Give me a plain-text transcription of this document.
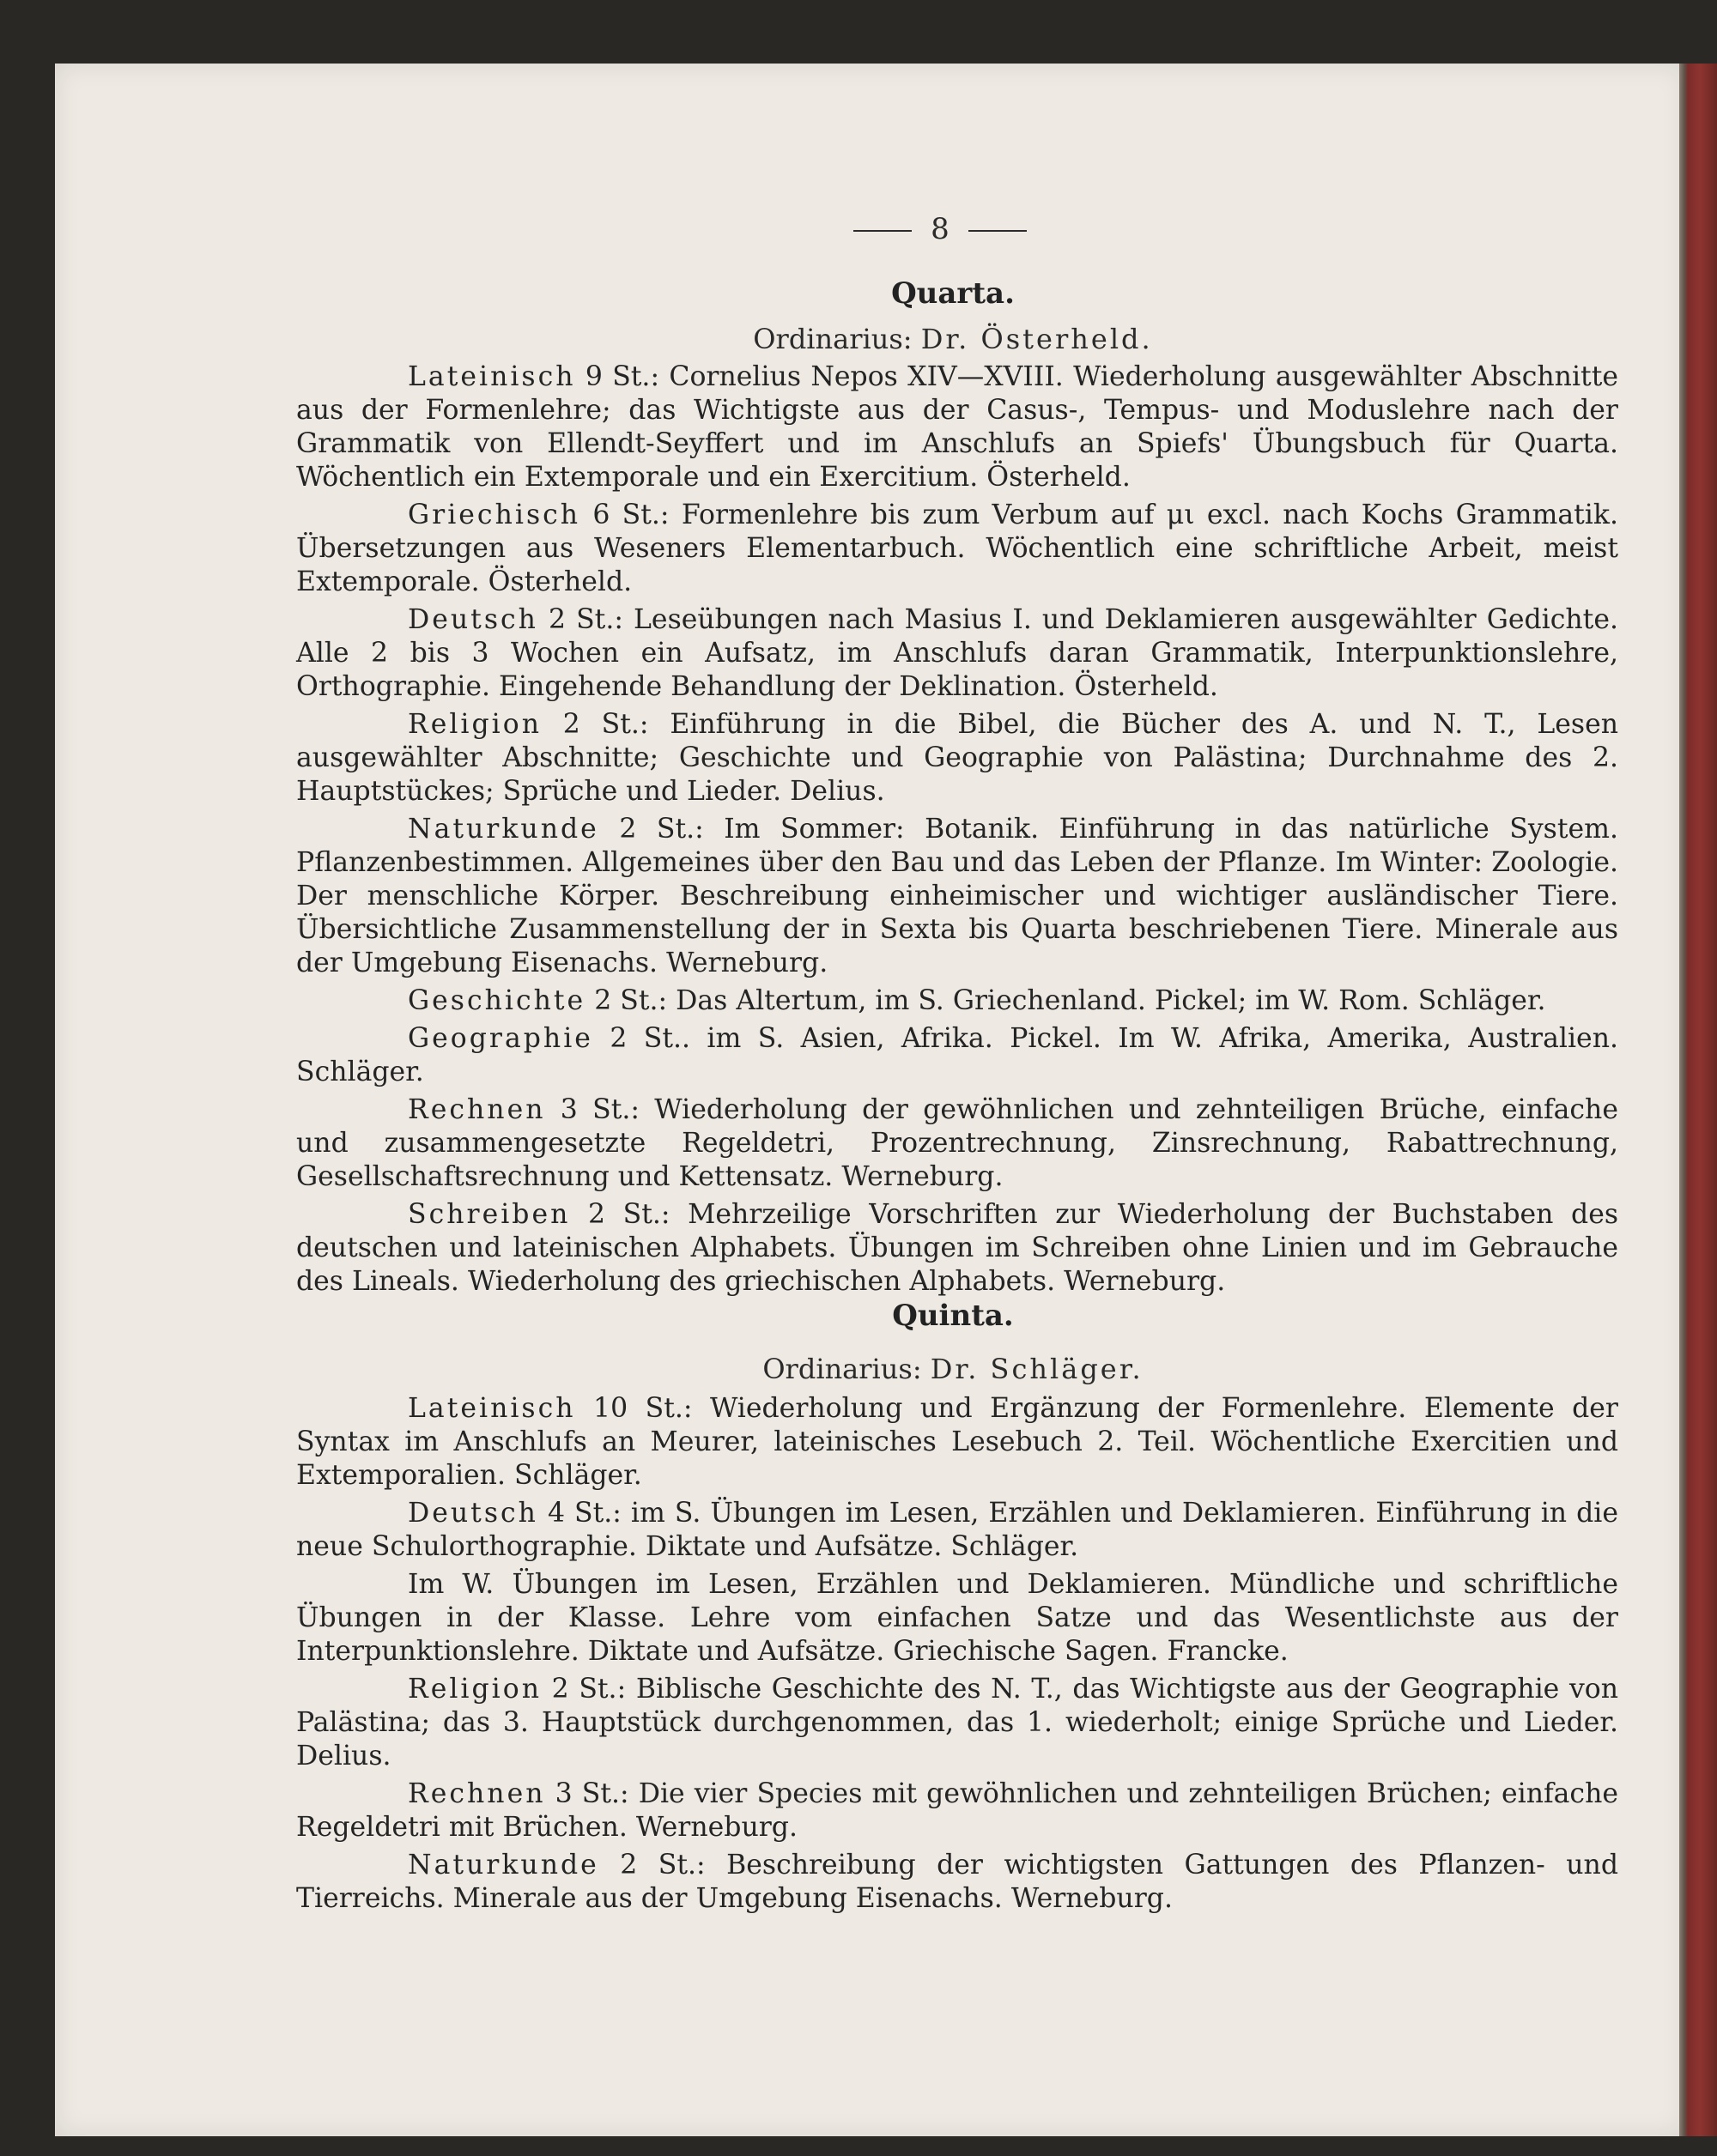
8
Quarta.
Ordinarius: Dr. Österheld.

Lateinisch 9 St.: Cornelius Nepos XIV—XVIII. Wiederholung ausgewählter Abschnitte aus der Formenlehre; das Wichtigste aus der Casus-, Tempus- und Moduslehre nach der Grammatik von Ellendt-Seyffert und im Anschlufs an Spiefs' Übungsbuch für Quarta. Wöchentlich ein Extemporale und ein Exercitium. Österheld.

Griechisch 6 St.: Formenlehre bis zum Verbum auf μι excl. nach Kochs Grammatik. Übersetzungen aus Weseners Elementarbuch. Wöchentlich eine schriftliche Arbeit, meist Extemporale. Österheld.

Deutsch 2 St.: Leseübungen nach Masius I. und Deklamieren ausgewählter Gedichte. Alle 2 bis 3 Wochen ein Aufsatz, im Anschlufs daran Grammatik, Interpunktionslehre, Orthographie. Eingehende Behandlung der Deklination. Österheld.

Religion 2 St.: Einführung in die Bibel, die Bücher des A. und N. T., Lesen ausgewählter Abschnitte; Geschichte und Geographie von Palästina; Durchnahme des 2. Hauptstückes; Sprüche und Lieder. Delius.

Naturkunde 2 St.: Im Sommer: Botanik. Einführung in das natürliche System. Pflanzenbestimmen. Allgemeines über den Bau und das Leben der Pflanze. Im Winter: Zoologie. Der menschliche Körper. Beschreibung einheimischer und wichtiger ausländischer Tiere. Übersichtliche Zusammenstellung der in Sexta bis Quarta beschriebenen Tiere. Minerale aus der Umgebung Eisenachs. Werneburg.

Geschichte 2 St.: Das Altertum, im S. Griechenland. Pickel; im W. Rom. Schläger.

Geographie 2 St.. im S. Asien, Afrika. Pickel. Im W. Afrika, Amerika, Australien. Schläger.

Rechnen 3 St.: Wiederholung der gewöhnlichen und zehnteiligen Brüche, einfache und zusammengesetzte Regeldetri, Prozentrechnung, Zinsrechnung, Rabattrechnung, Gesellschaftsrechnung und Kettensatz. Werneburg.

Schreiben 2 St.: Mehrzeilige Vorschriften zur Wiederholung der Buchstaben des deutschen und lateinischen Alphabets. Übungen im Schreiben ohne Linien und im Gebrauche des Lineals. Wiederholung des griechischen Alphabets. Werneburg.

Quinta.
Ordinarius: Dr. Schläger.

Lateinisch 10 St.: Wiederholung und Ergänzung der Formenlehre. Elemente der Syntax im Anschlufs an Meurer, lateinisches Lesebuch 2. Teil. Wöchentliche Exercitien und Extemporalien. Schläger.

Deutsch 4 St.: im S. Übungen im Lesen, Erzählen und Deklamieren. Einführung in die neue Schulorthographie. Diktate und Aufsätze. Schläger.

Im W. Übungen im Lesen, Erzählen und Deklamieren. Mündliche und schriftliche Übungen in der Klasse. Lehre vom einfachen Satze und das Wesentlichste aus der Interpunktionslehre. Diktate und Aufsätze. Griechische Sagen. Francke.

Religion 2 St.: Biblische Geschichte des N. T., das Wichtigste aus der Geographie von Palästina; das 3. Hauptstück durchgenommen, das 1. wiederholt; einige Sprüche und Lieder. Delius.

Rechnen 3 St.: Die vier Species mit gewöhnlichen und zehnteiligen Brüchen; einfache Regeldetri mit Brüchen. Werneburg.

Naturkunde 2 St.: Beschreibung der wichtigsten Gattungen des Pflanzen- und Tierreichs. Minerale aus der Umgebung Eisenachs. Werneburg.
